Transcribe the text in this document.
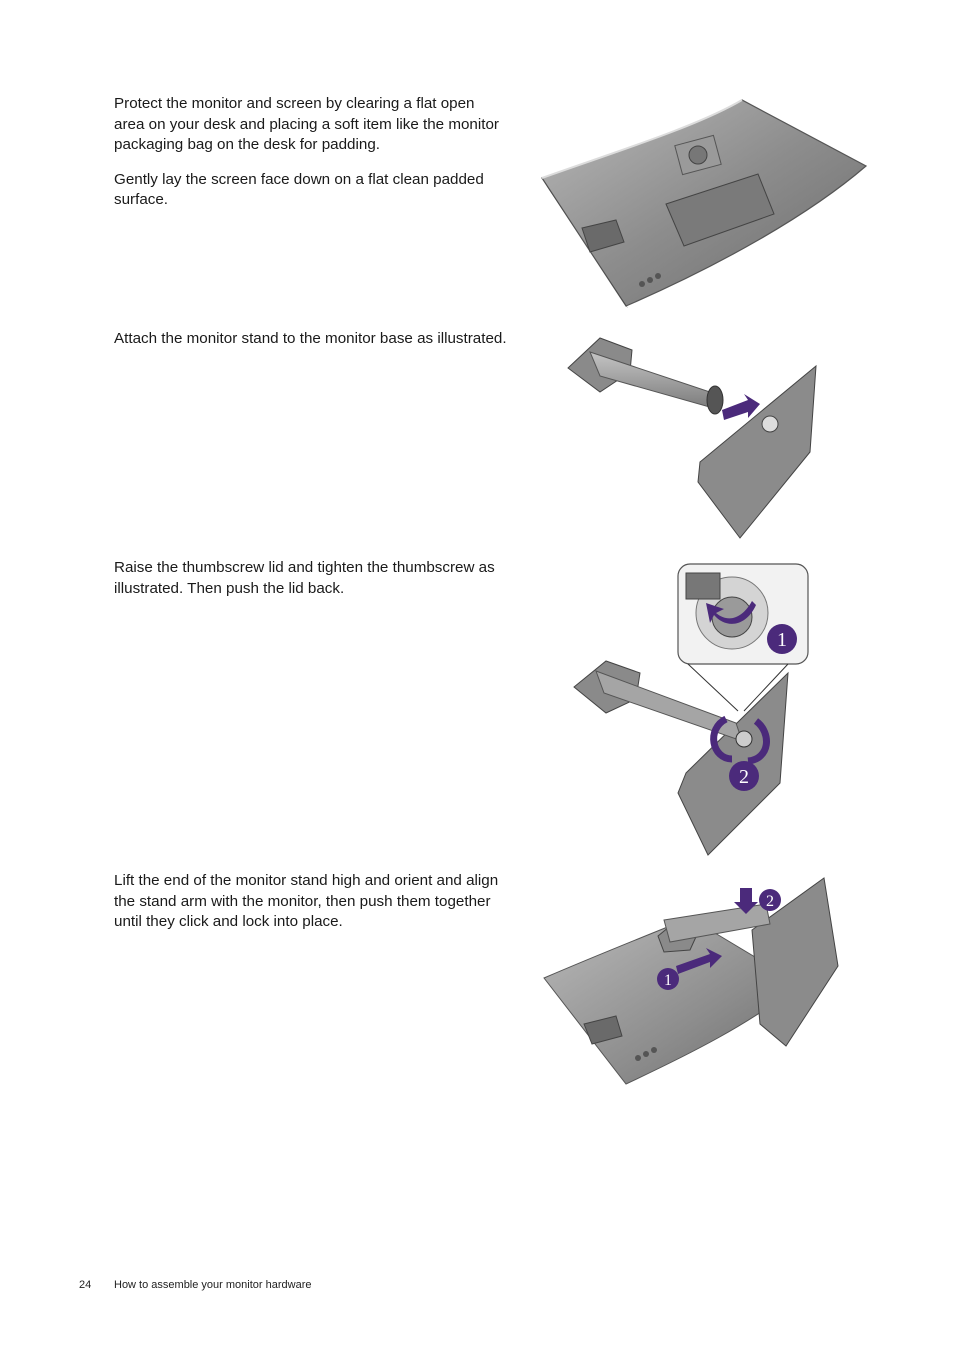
Protect the monitor and screen by clearing a flat open area on your desk and placing a soft item like the monitor packaging bag on the desk for padding.

Gently lay the screen face down on a flat clean padded surface.

Attach the monitor stand to the monitor base as illustrated.

Raise the thumbscrew lid and tighten the thumbscrew as illustrated. Then push the lid back.

1
2

Lift the end of the monitor stand high and orient and align the stand arm with the monitor, then push them together until they click and lock into place.

1
2
24 How to assemble your monitor hardware
